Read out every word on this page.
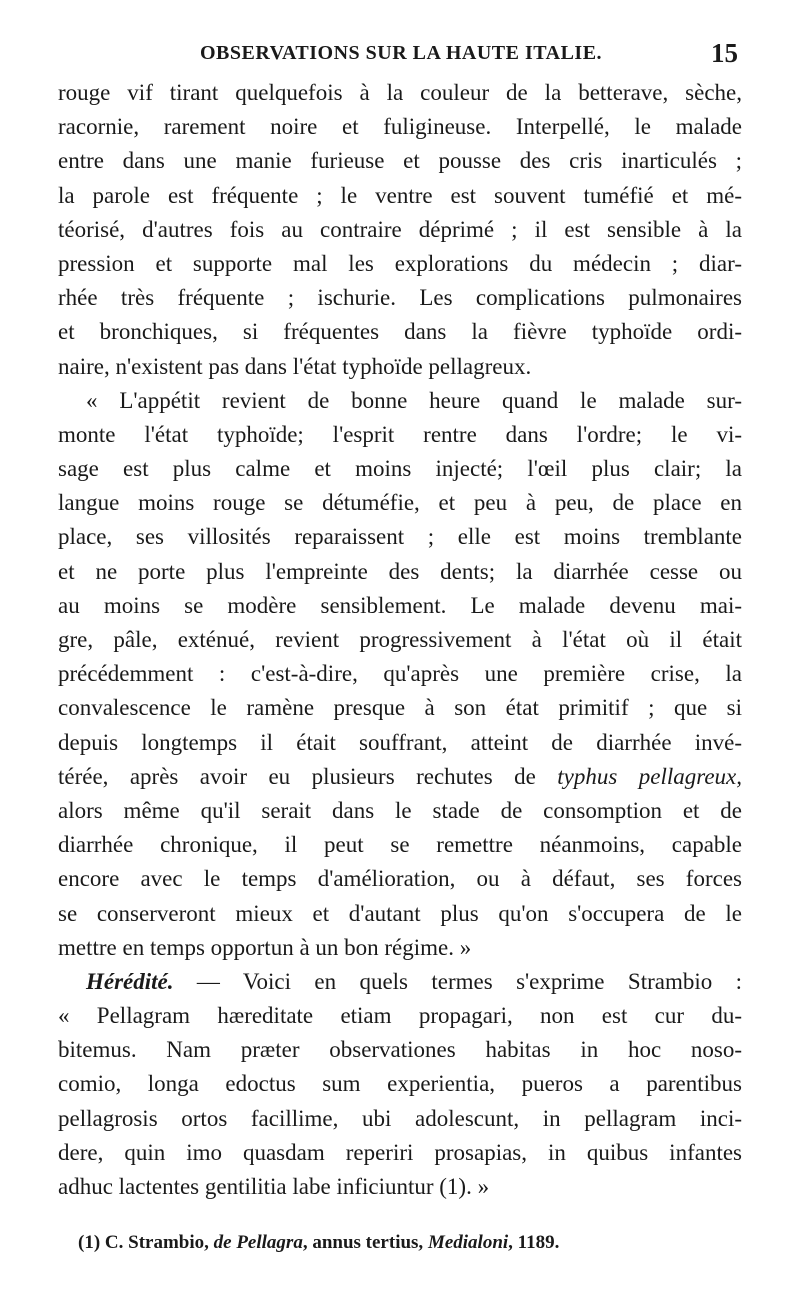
OBSERVATIONS SUR LA HAUTE ITALIE.	15
rouge vif tirant quelquefois à la couleur de la betterave, sèche,
racornie, rarement noire et fuligineuse. Interpellé, le malade
entre dans une manie furieuse et pousse des cris inarticulés ;
la parole est fréquente ; le ventre est souvent tuméfié et mé-
téorisé, d'autres fois au contraire déprimé ; il est sensible à la
pression et supporte mal les explorations du médecin ; diar-
rhée très fréquente ; ischurie. Les complications pulmonaires
et bronchiques, si fréquentes dans la fièvre typhoïde ordi-
naire, n'existent pas dans l'état typhoïde pellagreux.
« L'appétit revient de bonne heure quand le malade sur-
monte l'état typhoïde; l'esprit rentre dans l'ordre; le vi-
sage est plus calme et moins injecté; l'œil plus clair; la
langue moins rouge se détuméfie, et peu à peu, de place en
place, ses villosités reparaissent ; elle est moins tremblante
et ne porte plus l'empreinte des dents; la diarrhée cesse ou
au moins se modère sensiblement. Le malade devenu mai-
gre, pâle, exténué, revient progressivement à l'état où il était
précédemment : c'est-à-dire, qu'après une première crise, la
convalescence le ramène presque à son état primitif ; que si
depuis longtemps il était souffrant, atteint de diarrhée invé-
térée, après avoir eu plusieurs rechutes de typhus pellagreux,
alors même qu'il serait dans le stade de consomption et de
diarrhée chronique, il peut se remettre néanmoins, capable
encore avec le temps d'amélioration, ou à défaut, ses forces
se conserveront mieux et d'autant plus qu'on s'occupera de le
mettre en temps opportun à un bon régime. »
Hérédité. — Voici en quels termes s'exprime Strambio :
« Pellagram hæreditate etiam propagari, non est cur du-
bitemus. Nam præter observationes habitas in hoc noso-
comio, longa edoctus sum experientia, pueros a parentibus
pellagrosis ortos facillime, ubi adolescunt, in pellagram inci-
dere, quin imo quasdam reperiri prosapias, in quibus infantes
adhuc lactentes gentilitia labe inficiuntur (1). »
(1) C. Strambio, de Pellagra, annus tertius, Medialoni, 1189.
